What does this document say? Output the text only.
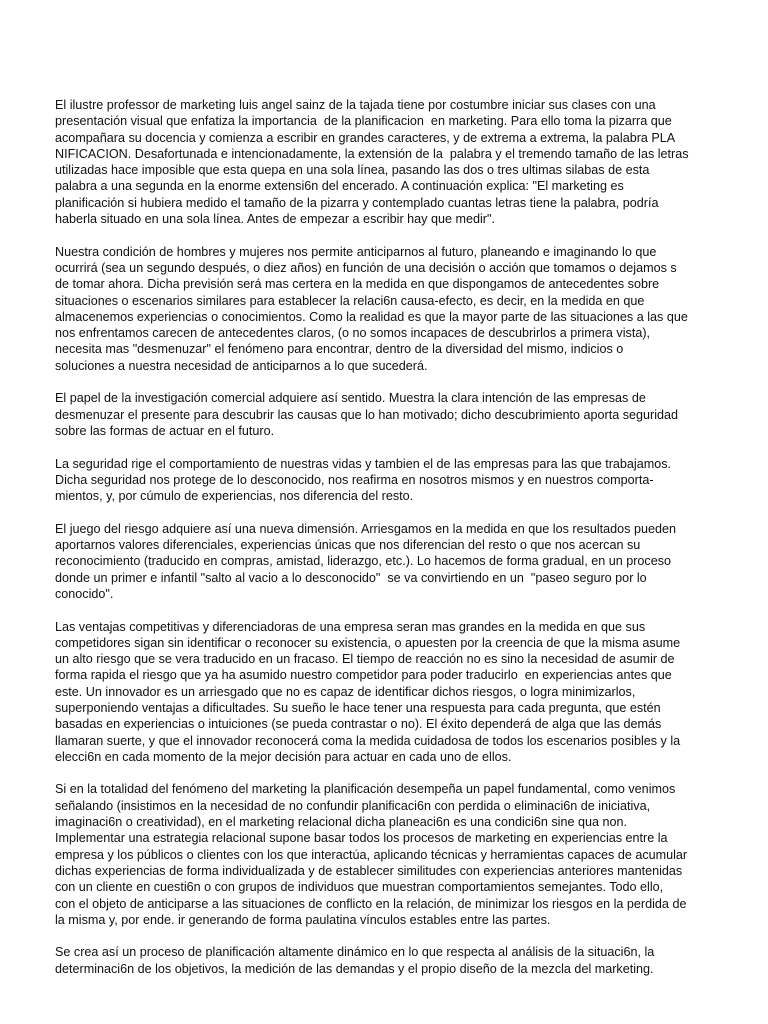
El ilustre professor de marketing luis angel sainz de la tajada tiene por costumbre iniciar sus clases con una
presentación visual que enfatiza la importancia  de la planificacion  en marketing. Para ello toma la pizarra que
acompañara su docencia y comienza a escribir en grandes caracteres, y de extrema a extrema, la palabra PLA
NIFICACION. Desafortunada e intencionadamente, la extensión de la  palabra y el tremendo tamaño de las letras
utilizadas hace imposible que esta quepa en una sola línea, pasando las dos o tres ultimas silabas de esta
palabra a una segunda en la enorme extensi6n del encerado. A continuación explica: "El marketing es
planificación si hubiera medido el tamaño de la pizarra y contemplado cuantas letras tiene la palabra, podría
haberla situado en una sola línea. Antes de empezar a escribir hay que medir".

Nuestra condición de hombres y mujeres nos permite anticiparnos al futuro, planeando e imaginando lo que
ocurrirá (sea un segundo después, o diez años) en función de una decisión o acción que tomamos o dejamos s
de tomar ahora. Dicha previsión será mas certera en la medida en que dispongamos de antecedentes sobre
situaciones o escenarios similares para establecer la relaci6n causa-efecto, es decir, en la medida en que
almacenemos experiencias o conocimientos. Como la realidad es que la mayor parte de las situaciones a las que
nos enfrentamos carecen de antecedentes claros, (o no somos incapaces de descubrirlos a primera vista),
necesita mas "desmenuzar" el fenómeno para encontrar, dentro de la diversidad del mismo, indicios o
soluciones a nuestra necesidad de anticiparnos a lo que sucederá.

El papel de la investigación comercial adquiere así sentido. Muestra la clara intención de las empresas de
desmenuzar el presente para descubrir las causas que lo han motivado; dicho descubrimiento aporta seguridad
sobre las formas de actuar en el futuro.

La seguridad rige el comportamiento de nuestras vidas y tambien el de las empresas para las que trabajamos.
Dicha seguridad nos protege de lo desconocido, nos reafirma en nosotros mismos y en nuestros comporta-
mientos, y, por cúmulo de experiencias, nos diferencia del resto.

El juego del riesgo adquiere así una nueva dimensión. Arriesgamos en la medida en que los resultados pueden
aportarnos valores diferenciales, experiencias únicas que nos diferencian del resto o que nos acercan su
reconocimiento (traducido en compras, amistad, liderazgo, etc.). Lo hacemos de forma gradual, en un proceso
donde un primer e infantil "salto al vacio a lo desconocido"  se va convirtiendo en un  "paseo seguro por lo
conocido".

Las ventajas competitivas y diferenciadoras de una empresa seran mas grandes en la medida en que sus
competidores sigan sin identificar o reconocer su existencia, o apuesten por la creencia de que la misma asume
un alto riesgo que se vera traducido en un fracaso. El tiempo de reacción no es sino la necesidad de asumir de
forma rapida el riesgo que ya ha asumido nuestro competidor para poder traducirlo  en experiencias antes que
este. Un innovador es un arriesgado que no es capaz de identificar dichos riesgos, o logra minimizarlos,
superponiendo ventajas a dificultades. Su sueño le hace tener una respuesta para cada pregunta, que estén
basadas en experiencias o intuiciones (se pueda contrastar o no). El éxito dependerá de alga que las demás
llamaran suerte, y que el innovador reconocerá coma la medida cuidadosa de todos los escenarios posibles y la
elecci6n en cada momento de la mejor decisión para actuar en cada uno de ellos.

Si en la totalidad del fenómeno del marketing la planificación desempeña un papel fundamental, como venimos
señalando (insistimos en la necesidad de no confundir planificaci6n con perdida o eliminaci6n de iniciativa,
imaginaci6n o creatividad), en el marketing relacional dicha planeaci6n es una condici6n sine qua non.
Implementar una estrategia relacional supone basar todos los procesos de marketing en experiencias entre la
empresa y los públicos o clientes con los que interactúa, aplicando técnicas y herramientas capaces de acumular
dichas experiencias de forma individualizada y de establecer similitudes con experiencias anteriores mantenidas
con un cliente en cuesti6n o con grupos de individuos que muestran comportamientos semejantes. Todo ello,
con el objeto de anticiparse a las situaciones de conflicto en la relación, de minimizar los riesgos en la perdida de
la misma y, por ende. ir generando de forma paulatina vínculos estables entre las partes.

Se crea así un proceso de planificación altamente dinámico en lo que respecta al análisis de la situaci6n, la
determinaci6n de los objetivos, la medición de las demandas y el propio diseño de la mezcla del marketing.
